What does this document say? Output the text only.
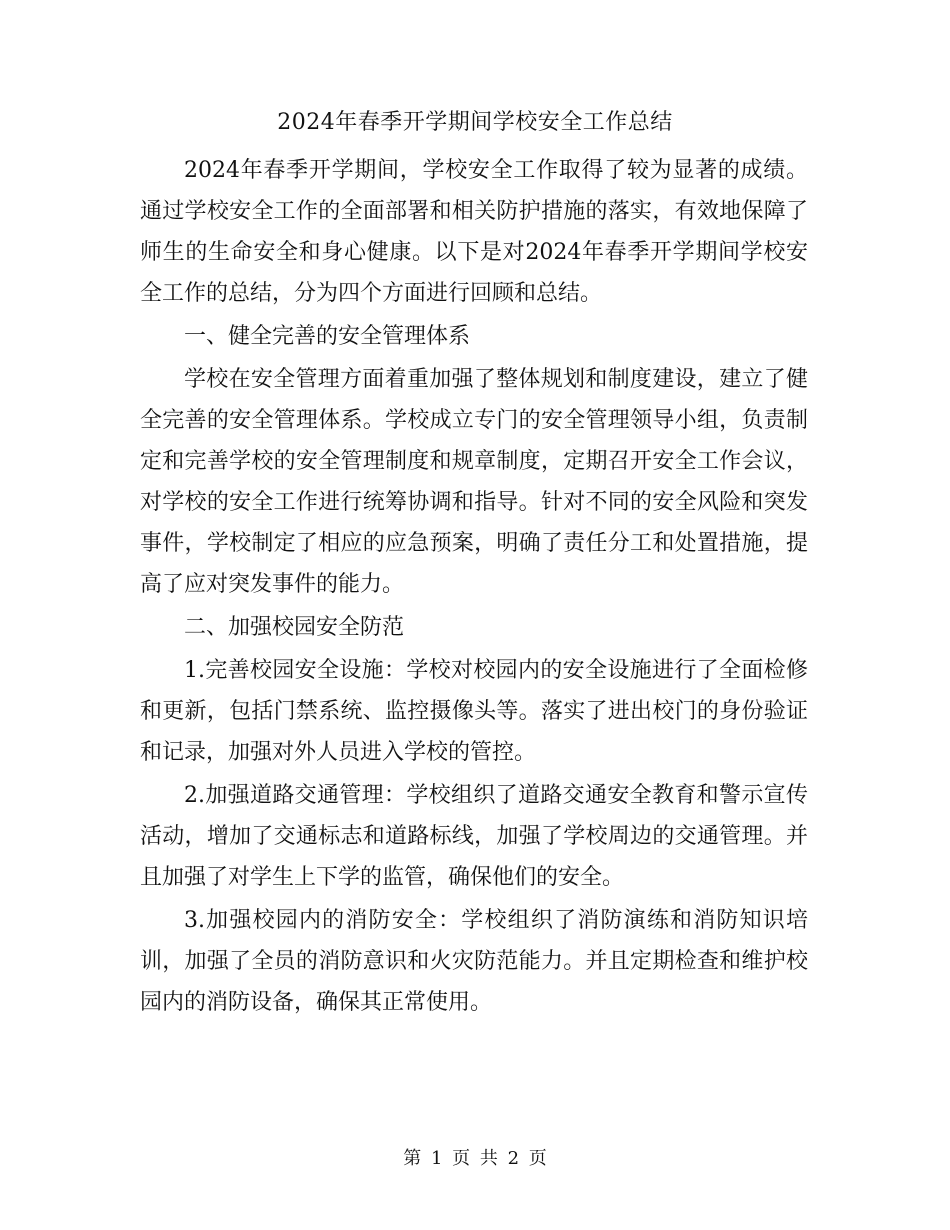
2024年春季开学期间学校安全工作总结

2024年春季开学期间，学校安全工作取得了较为显著的成绩。通过学校安全工作的全面部署和相关防护措施的落实，有效地保障了师生的生命安全和身心健康。以下是对2024年春季开学期间学校安全工作的总结，分为四个方面进行回顾和总结。

一、健全完善的安全管理体系

学校在安全管理方面着重加强了整体规划和制度建设，建立了健全完善的安全管理体系。学校成立专门的安全管理领导小组，负责制定和完善学校的安全管理制度和规章制度，定期召开安全工作会议，对学校的安全工作进行统筹协调和指导。针对不同的安全风险和突发事件，学校制定了相应的应急预案，明确了责任分工和处置措施，提高了应对突发事件的能力。

二、加强校园安全防范

1.完善校园安全设施：学校对校园内的安全设施进行了全面检修和更新，包括门禁系统、监控摄像头等。落实了进出校门的身份验证和记录，加强对外人员进入学校的管控。

2.加强道路交通管理：学校组织了道路交通安全教育和警示宣传活动，增加了交通标志和道路标线，加强了学校周边的交通管理。并且加强了对学生上下学的监管，确保他们的安全。

3.加强校园内的消防安全：学校组织了消防演练和消防知识培训，加强了全员的消防意识和火灾防范能力。并且定期检查和维护校园内的消防设备，确保其正常使用。

第 1 页 共 2 页
